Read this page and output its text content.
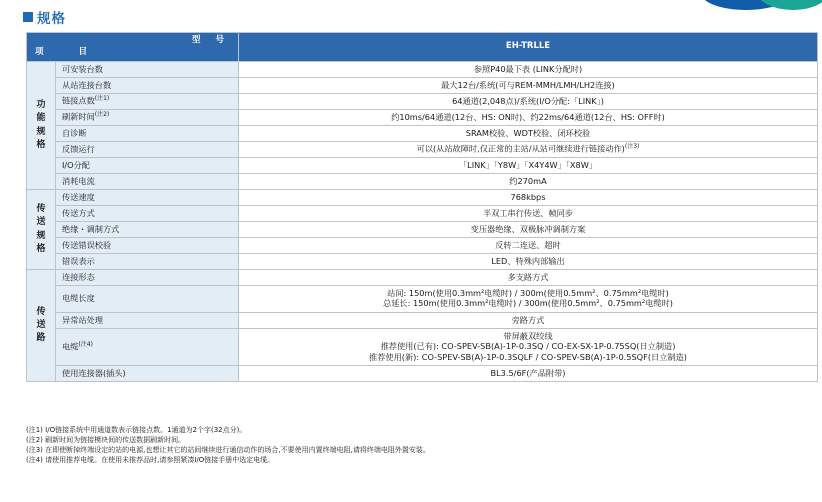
规格
型 号
项 目		EH-TRLLE
功能规格	可安装台数	参照P40最下表 (LINK分配时)
	从站连接台数	最大12台/系统(可与REM-MMH/LMH/LH2连接)
	链接点数$^{(注1)}$	64通道(2,048点)/系统(I/O分配:「LINK」)
	刷新时间$^{(注2)}$	约10ms/64通道(12台、HS: ON时)、约22ms/64通道(12台、HS: OFF时)
	自诊断	SRAM校验、WDT校验、闭环校验
	反馈运行	可以(从站故障时,仅正常的主站/从站可继续进行链接动作)$^{(注3)}$
	I/O分配	「LINK」「Y8W」「X4Y4W」「X8W」
	消耗电流	约270mA
传送规格	传送速度	768kbps
	传送方式	半双工串行传送、帧同步
	绝缘・调制方式	变压器绝缘、双极脉冲调制方案
	传送错误校验	反转二连送、超时
	错误表示	LED、特殊内部输出
传送路	连接形态	多支路方式
	电缆长度	站间: 150m(使用0.3mm²电缆时) / 300m(使用0.5mm²、0.75mm²电缆时)
总延长: 150m(使用0.3mm²电缆时) / 300m(使用0.5mm²、0.75mm²电缆时)

	异常站处理	旁路方式
	电缆$^{(注4)}$	带屏蔽双绞线
推荐使用(已有): CO-SPEV-SB(A)-1P-0.3SQ / CO-EX-SX-1P-0.75SQ(日立制造)
推荐使用(新): CO-SPEV-SB(A)-1P-0.3SQLF / CO-SPEV-SB(A)-1P-0.5SQF(日立制造)

	使用连接器(插头)	BL3.5/6F(产品附带)
(注1) I/O链接系统中用通道数表示链接点数。1通道为2个字(32点分)。
(注2) 刷新时间为链接模块间的传送数据刷新时间。
(注3) 在即使断掉终端设定的站的电源,也想让其它的站间继续进行通信动作的场合,不要使用内置终端电阻,请将终端电阻外置安装。
(注4) 请使用推荐电缆。在使用未推荐品时,请参照紧凑I/O链接手册中选定电缆。
